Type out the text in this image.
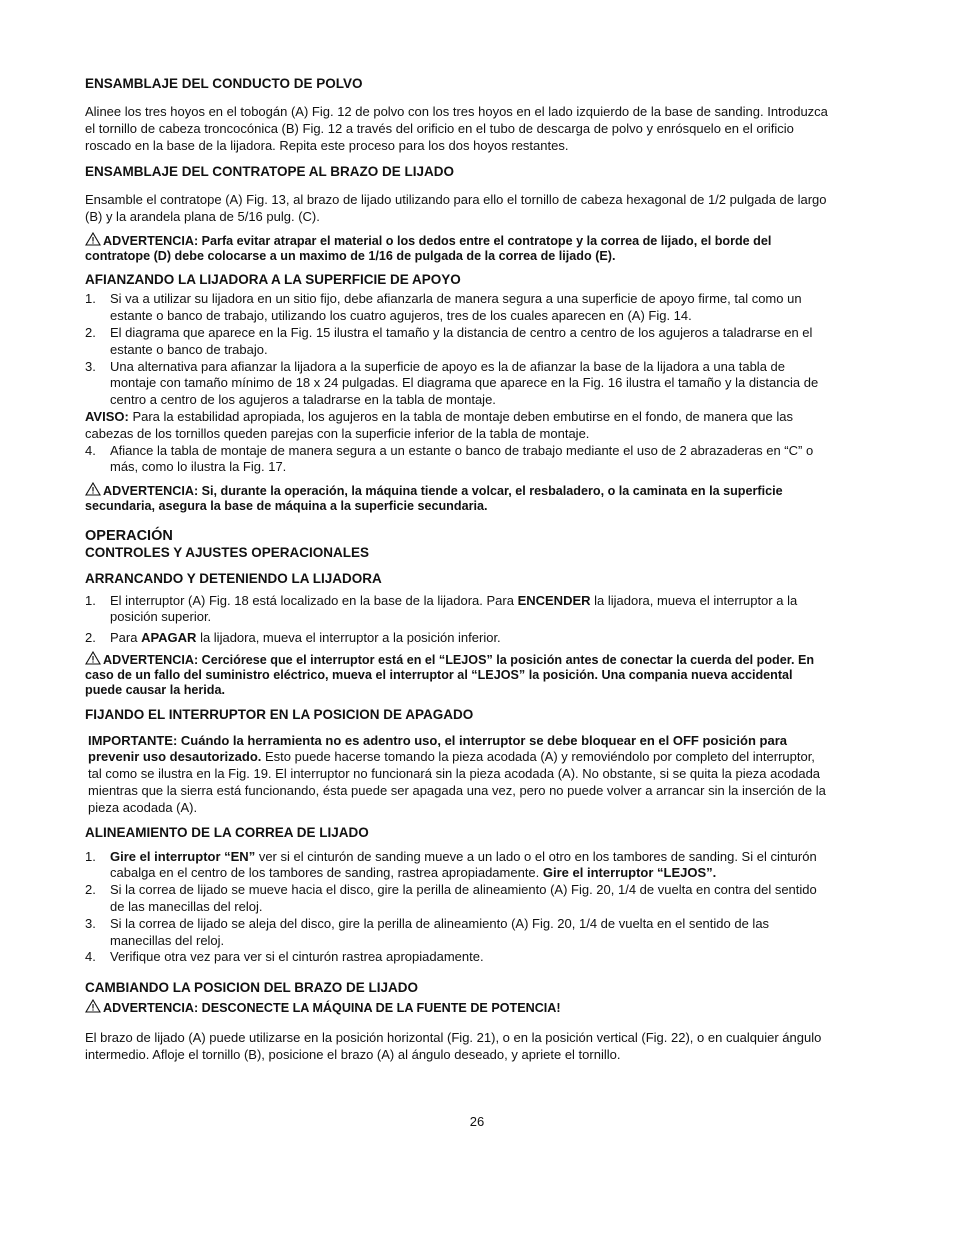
ENSAMBLAJE DEL CONDUCTO DE POLVO

Alinee los tres hoyos en el tobogán (A) Fig. 12 de polvo con los tres hoyos en el lado izquierdo de la base de sanding. Introduzca el tornillo de cabeza troncocónica (B) Fig. 12 a través del orificio en el tubo de descarga de polvo y enrósquelo en el orificio roscado en la base de la lijadora. Repita este proceso para los dos hoyos restantes.

ENSAMBLAJE DEL CONTRATOPE AL BRAZO DE LIJADO

Ensamble el contratope (A) Fig. 13, al brazo de lijado utilizando para ello el tornillo de cabeza hexagonal de 1/2 pulgada de largo (B) y la arandela plana de 5/16 pulg. (C).

ADVERTENCIA: Parfa evitar atrapar el material o los dedos entre el contratope y la correa de lijado, el borde del contratope (D) debe colocarse a un maximo de 1/16 de pulgada de la correa de lijado (E).
AFIANZANDO LA LIJADORA A LA SUPERFICIE DE APOYO
1. Si va a utilizar su lijadora en un sitio fijo, debe afianzarla de manera segura a una superficie de apoyo firme, tal como un estante o banco de trabajo, utilizando los cuatro agujeros, tres de los cuales aparecen en (A) Fig. 14.
2. El diagrama que aparece en la Fig. 15 ilustra el tamaño y la distancia de centro a centro de los agujeros a taladrarse en el estante o banco de trabajo.
3. Una alternativa para afianzar la lijadora a la superficie de apoyo es la de afianzar la base de la lijadora a una tabla de montaje con tamaño mínimo de 18 x 24 pulgadas. El diagrama que aparece en la Fig. 16 ilustra el tamaño y la distancia de centro a centro de los agujeros a taladrarse en la tabla de montaje.

AVISO: Para la estabilidad apropiada, los agujeros en la tabla de montaje deben embutirse en el fondo, de manera que las cabezas de los tornillos queden parejas con la superficie inferior de la tabla de montaje.

4. Afiance la tabla de montaje de manera segura a un estante o banco de trabajo mediante el uso de 2 abrazaderas en “C” o más, como lo ilustra la Fig. 17.
ADVERTENCIA: Si, durante la operación, la máquina tiende a volcar, el resbaladero, o la caminata en la superficie secundaria, asegura la base de máquina a la superficie secundaria.
OPERACIÓN
CONTROLES Y AJUSTES OPERACIONALES
ARRANCANDO Y DETENIENDO LA LIJADORA
1. El interruptor (A) Fig. 18 está localizado en la base de la lijadora. Para ENCENDER la lijadora, mueva el interruptor a la posición superior.
2. Para APAGAR la lijadora, mueva el interruptor a la posición inferior.
ADVERTENCIA: Cerciórese que el interruptor está en el “LEJOS” la posición antes de conectar la cuerda del poder. En caso de un fallo del suministro eléctrico, mueva el interruptor al “LEJOS” la posición. Una compania nueva accidental puede causar la herida.
FIJANDO EL INTERRUPTOR EN LA POSICION DE APAGADO

IMPORTANTE: Cuándo la herramienta no es adentro uso, el interruptor se debe bloquear en el OFF posición para prevenir uso desautorizado. Esto puede hacerse tomando la pieza acodada (A) y removiéndolo por completo del interruptor, tal como se ilustra en la Fig. 19. El interruptor no funcionará sin la pieza acodada (A). No obstante, si se quita la pieza acodada mientras que la sierra está funcionando, ésta puede ser apagada una vez, pero no puede volver a arrancar sin la inserción de la pieza acodada (A).

ALINEAMIENTO DE LA CORREA DE LIJADO
1. Gire el interruptor “EN” ver si el cinturón de sanding mueve a un lado o el otro en los tambores de sanding. Si el cinturón cabalga en el centro de los tambores de sanding, rastrea apropiadamente. Gire el interruptor “LEJOS”.
2. Si la correa de lijado se mueve hacia el disco, gire la perilla de alineamiento (A) Fig. 20, 1/4 de vuelta en contra del sentido de las manecillas del reloj.
3. Si la correa de lijado se aleja del disco, gire la perilla de alineamiento (A) Fig. 20, 1/4 de vuelta en el sentido de las manecillas del reloj.
4. Verifique otra vez para ver si el cinturón rastrea apropiadamente.
CAMBIANDO LA POSICION DEL BRAZO DE LIJADO
ADVERTENCIA: DESCONECTE LA MÁQUINA DE LA FUENTE DE POTENCIA!

El brazo de lijado (A) puede utilizarse en la posición horizontal (Fig. 21), o en la posición vertical (Fig. 22), o en cualquier ángulo intermedio. Afloje el tornillo (B), posicione el brazo (A) al ángulo deseado, y apriete el tornillo.

26
